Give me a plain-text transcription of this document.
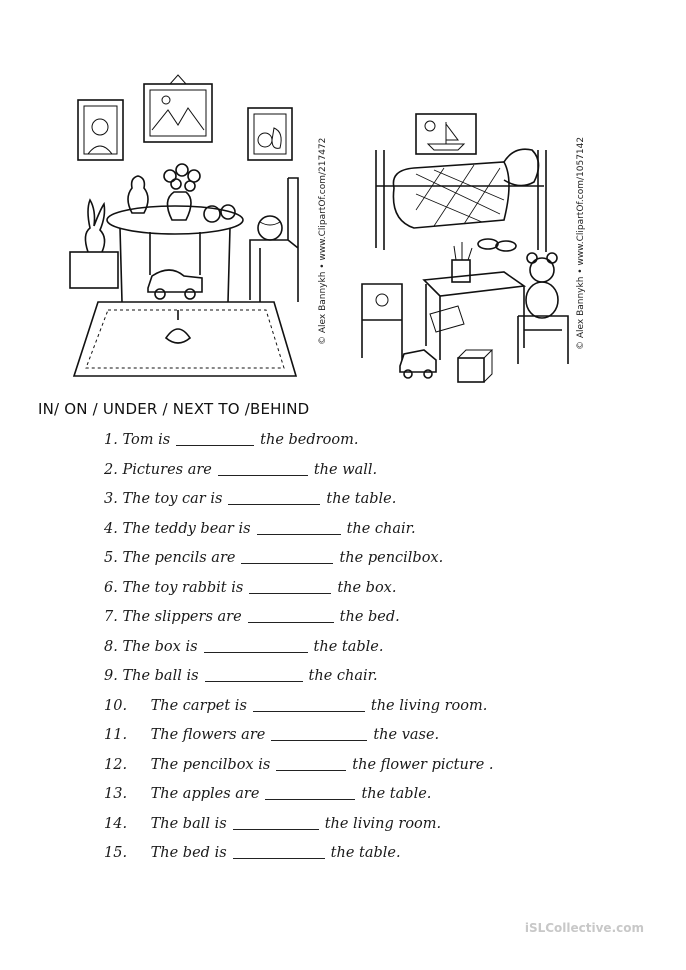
© Alex Bannykh • www.ClipartOf.com/217472	© Alex Bannykh • www.ClipartOf.com/1057142
IN/ ON / UNDER / NEXT TO /BEHIND
1. Tom is	the bedroom.
2. Pictures are	the wall.
3. The toy car is	the table.
4. The teddy bear is	the chair.
5. The pencils are	the pencilbox.
6. The toy rabbit is	the box.
7. The slippers are	the bed.
8. The box is	the table.
9. The ball is	the chair.
10. The carpet is	the living room.
11. The flowers are	the vase.
12. The pencilbox is	the flower picture .
13. The apples are	the table.
14. The ball is	the living room.
15. The bed is	the table.
iSLCollective.com
